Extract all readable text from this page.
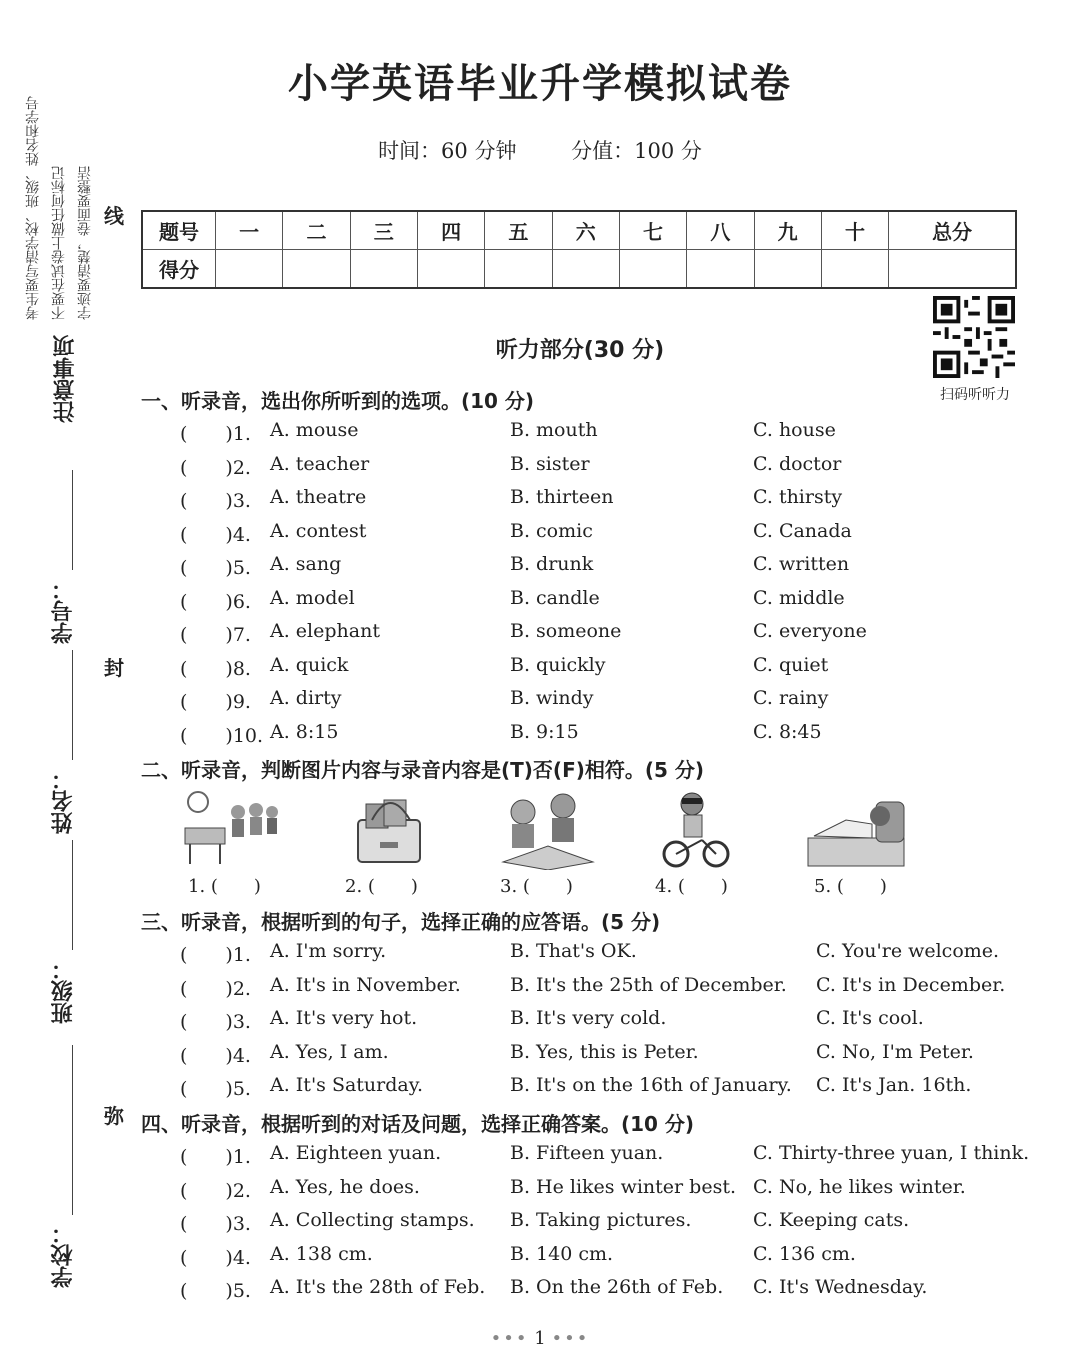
考生要写清学校、班级、姓名和学号 不要在试卷上做任何标记 字迹要清楚，卷面要整洁
注意事项
学号：
姓名：
班级：
学校：
线
封
弥
小学英语毕业升学模拟试卷
时间：60 分钟	分值：100 分
题号	一	二	三	四	五	六	七	八	九	十	总分
得分											
扫码听听力
听力部分(30 分)
一、听录音，选出你所听到的选项。(10 分)
(　　)1. A. mouse	B. mouth	C. house
(　　)2. A. teacher	B. sister	C. doctor
(　　)3. A. theatre	B. thirteen	C. thirsty
(　　)4. A. contest	B. comic	C. Canada
(　　)5. A. sang	B. drunk	C. written
(　　)6. A. model	B. candle	C. middle
(　　)7. A. elephant	B. someone	C. everyone
(　　)8. A. quick	B. quickly	C. quiet
(　　)9. A. dirty	B. windy	C. rainy
(　　)10. A. 8:15	B. 9:15	C. 8:45
二、听录音，判断图片内容与录音内容是(T)否(F)相符。(5 分)
1. (　　)	2. (　　)	3. (　　)	4. (　　)	5. (　　)
三、听录音，根据听到的句子，选择正确的应答语。(5 分)
(　　)1. A. I'm sorry.	B. That's OK.	C. You're welcome.
(　　)2. A. It's in November.	B. It's the 25th of December. C. It's in December.
(　　)3. A. It's very hot.	B. It's very cold.	C. It's cool.
(　　)4. A. Yes, I am.	B. Yes, this is Peter.	C. No, I'm Peter.
(　　)5. A. It's Saturday.	B. It's on the 16th of January. C. It's Jan. 16th.
四、听录音，根据听到的对话及问题，选择正确答案。(10 分)
(　　)1. A. Eighteen yuan.	B. Fifteen yuan.	C. Thirty-three yuan, I think.
(　　)2. A. Yes, he does.	B. He likes winter best. C. No, he likes winter.
(　　)3. A. Collecting stamps. B. Taking pictures.	C. Keeping cats.
(　　)4. A. 138 cm.	B. 140 cm.	C. 136 cm.
(　　)5. A. It's the 28th of Feb. B. On the 26th of Feb. C. It's Wednesday.
••• 1 •••
